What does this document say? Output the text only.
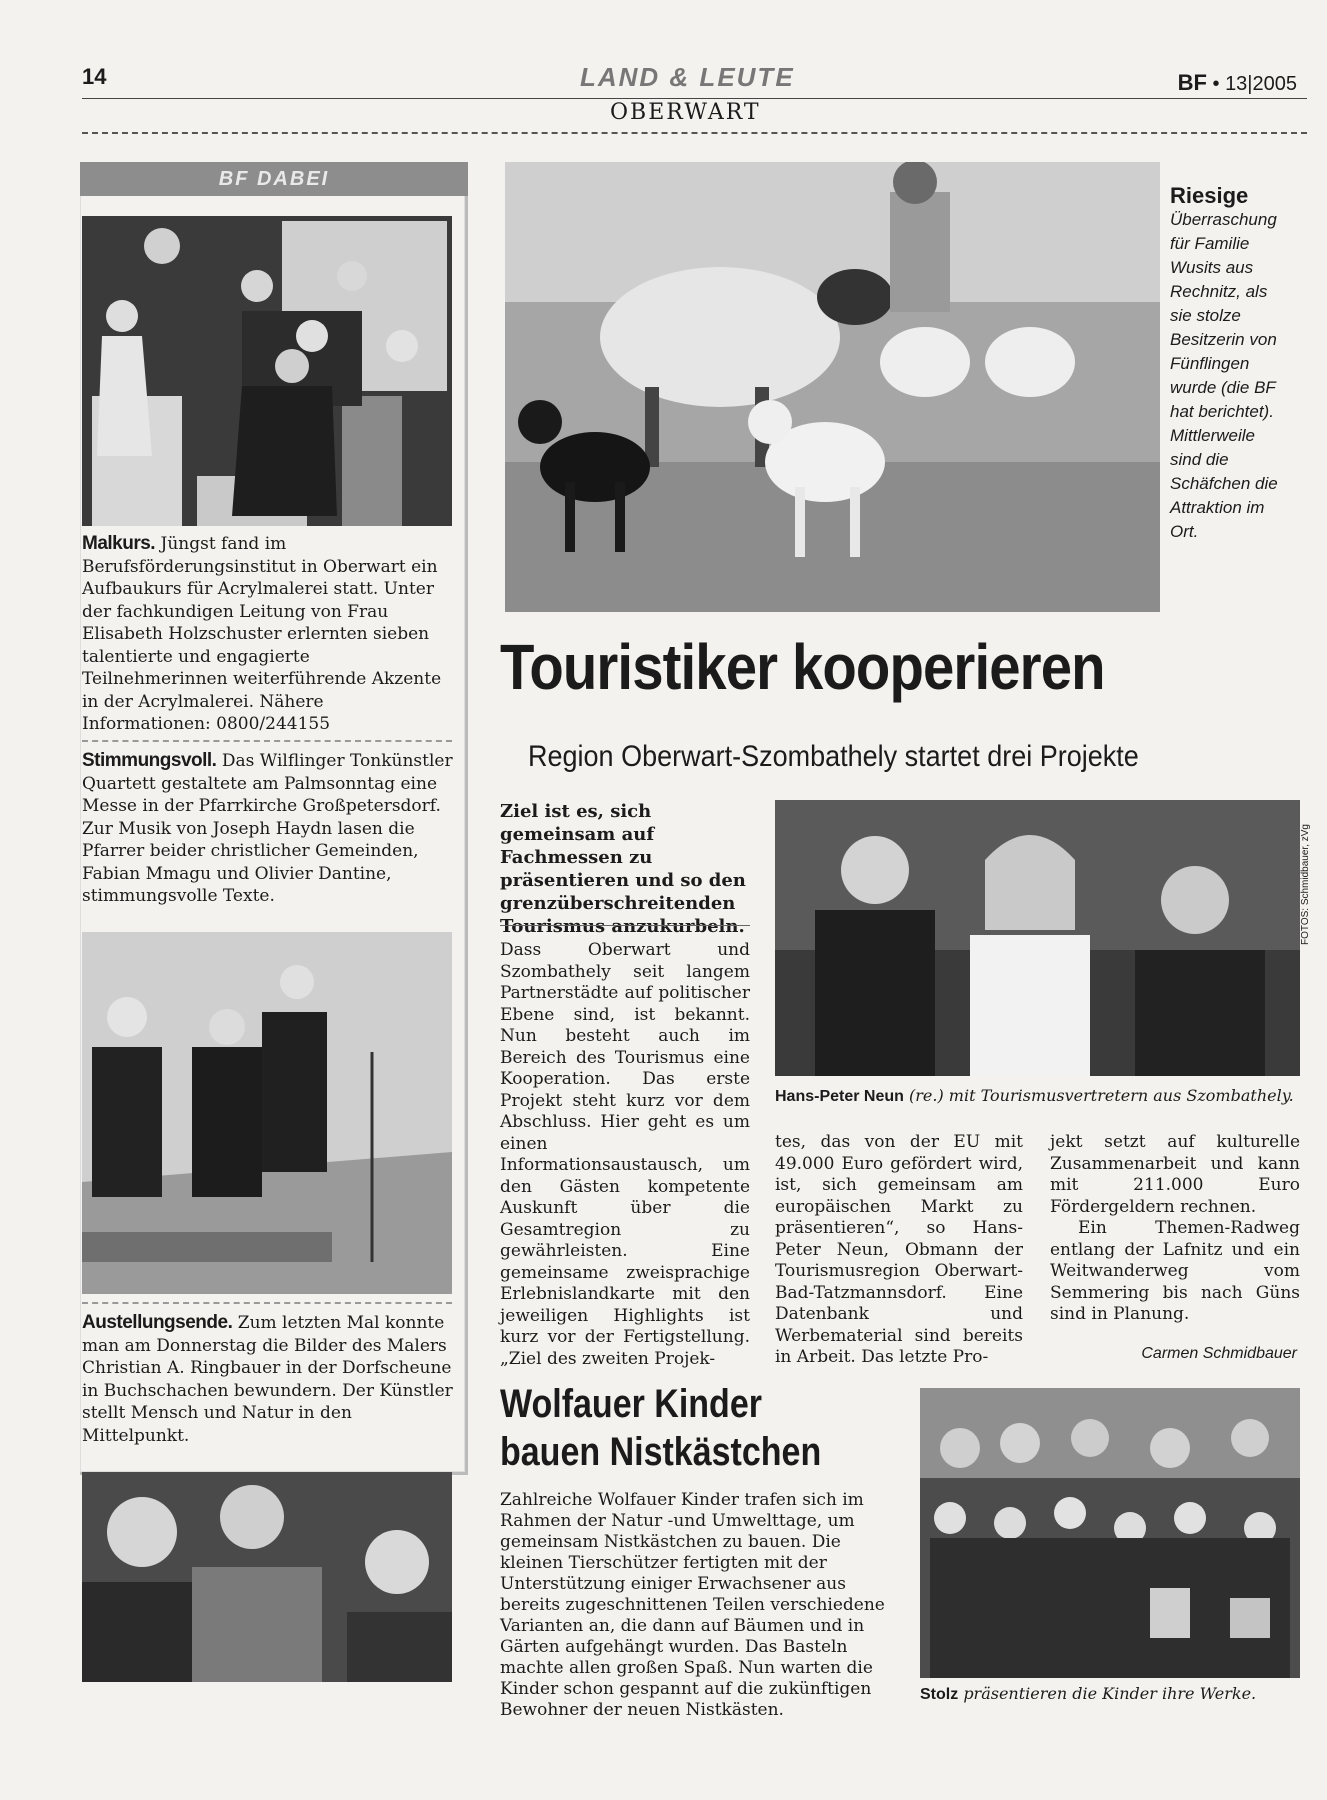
14	LAND & LEUTE
OBERWART
BF • 13|2005
BF DABEI
Malkurs. Jüngst fand im Berufsförderungsinstitut in Oberwart ein Aufbaukurs für Acrylmalerei statt. Unter der fachkundigen Leitung von Frau Elisabeth Holzschuster erlernten sieben talentierte und engagierte Teilnehmerinnen weiterführende Akzente in der Acrylmalerei. Nähere Informationen: 0800/244155
Stimmungsvoll. Das Wilflinger Tonkünstler Quartett gestaltete am Palmsonntag eine Messe in der Pfarrkirche Großpetersdorf. Zur Musik von Joseph Haydn lasen die Pfarrer beider christlicher Gemeinden, Fabian Mmagu und Olivier Dantine, stimmungsvolle Texte.
Austellungsende. Zum letzten Mal konnte man am Donnerstag die Bilder des Malers Christian A. Ringbauer in der Dorfscheune in Buchschachen bewundern. Der Künstler stellt Mensch und Natur in den Mittelpunkt.
Riesige
Überraschung für Familie Wusits aus Rechnitz, als sie stolze Besitzerin von Fünflingen wurde (die BF hat berichtet). Mittlerweile sind die Schäfchen die Attraktion im Ort.
Touristiker kooperieren
Region Oberwart-Szombathely startet drei Projekte
Ziel ist es, sich gemeinsam auf Fachmessen zu präsentieren und so den grenzüberschreitenden Tourismus anzukurbeln.	FOTOS: Schmidbauer, zVg
Hans-Peter Neun (re.) mit Tourismusvertretern aus Szombathely.
Dass Oberwart und Szombathely seit langem Partnerstädte auf politischer Ebene sind, ist bekannt. Nun besteht auch im Bereich des Tourismus eine Kooperation. Das erste Projekt steht kurz vor dem Abschluss. Hier geht es um einen Informationsaustausch, um den Gästen kompetente Auskunft über die Gesamtregion zu gewährleisten. Eine gemeinsame zweisprachige Erlebnislandkarte mit den jeweiligen Highlights ist kurz vor der Fertigstellung. „Ziel des zweiten Projek-
tes, das von der EU mit 49.000 Euro gefördert wird, ist, sich gemeinsam am europäischen Markt zu präsentieren“, so Hans-Peter Neun, Obmann der Tourismusregion Oberwart-Bad-Tatzmannsdorf. Eine Datenbank und Werbematerial sind bereits in Arbeit. Das letzte Pro-
jekt setzt auf kulturelle Zusammenarbeit und kann mit 211.000 Euro Fördergeldern rechnen.
Ein Themen-Radweg entlang der Lafnitz und ein Weitwanderweg vom Semmering bis nach Güns sind in Planung.
Carmen Schmidbauer
Wolfauer Kinder
bauen Nistkästchen
Zahlreiche Wolfauer Kinder trafen sich im Rahmen der Natur -und Umwelttage, um gemeinsam Nistkästchen zu bauen. Die kleinen Tierschützer fertigten mit der Unterstützung einiger Erwachsener aus bereits zugeschnittenen Teilen verschiedene Varianten an, die dann auf Bäumen und in Gärten aufgehängt wurden. Das Basteln machte allen großen Spaß. Nun warten die Kinder schon gespannt auf die zukünftigen Bewohner der neuen Nistkästen.
Stolz präsentieren die Kinder ihre Werke.
